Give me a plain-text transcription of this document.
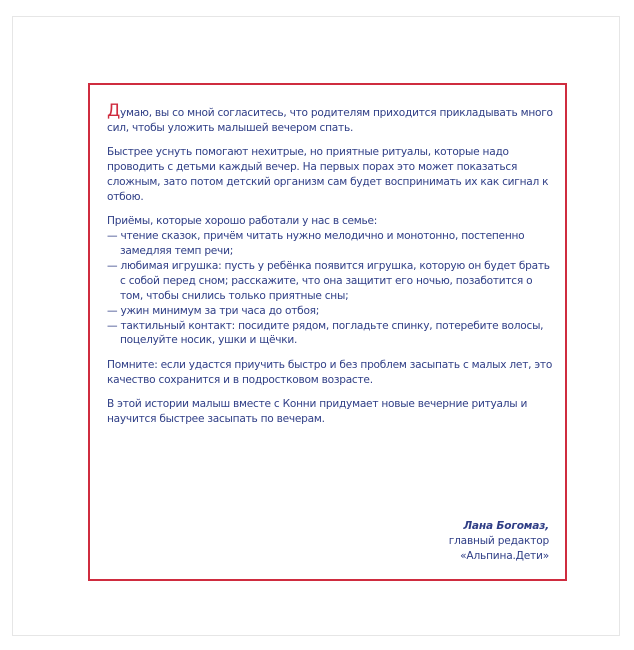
Думаю, вы со мной согласитесь, что родителям приходится прикладывать много сил, чтобы уложить малышей вечером спать.

Быстрее уснуть помогают нехитрые, но приятные ритуалы, которые надо проводить с детьми каждый вечер. На первых порах это может показаться сложным, зато потом детский организм сам будет воспринимать их как сигнал к отбою.

Приёмы, которые хорошо работали у нас в семье:
— чтение сказок, причём читать нужно мелодично и монотонно, постепенно замедляя темп речи;
— любимая игрушка: пусть у ребёнка появится игрушка, которую он будет брать с собой перед сном; расскажите, что она защитит его ночью, позаботится о том, чтобы снились только приятные сны;
— ужин минимум за три часа до отбоя;
— тактильный контакт: посидите рядом, погладьте спинку, потеребите волосы, поцелуйте носик, ушки и щёчки.

Помните: если удастся приучить быстро и без проблем засыпать с малых лет, это качество сохранится и в подростковом возрасте.

В этой истории малыш вместе с Конни придумает новые вечерние ритуалы и научится быстрее засыпать по вечерам.

Лана Богомаз,
главный редактор
«Альпина.Дети»
